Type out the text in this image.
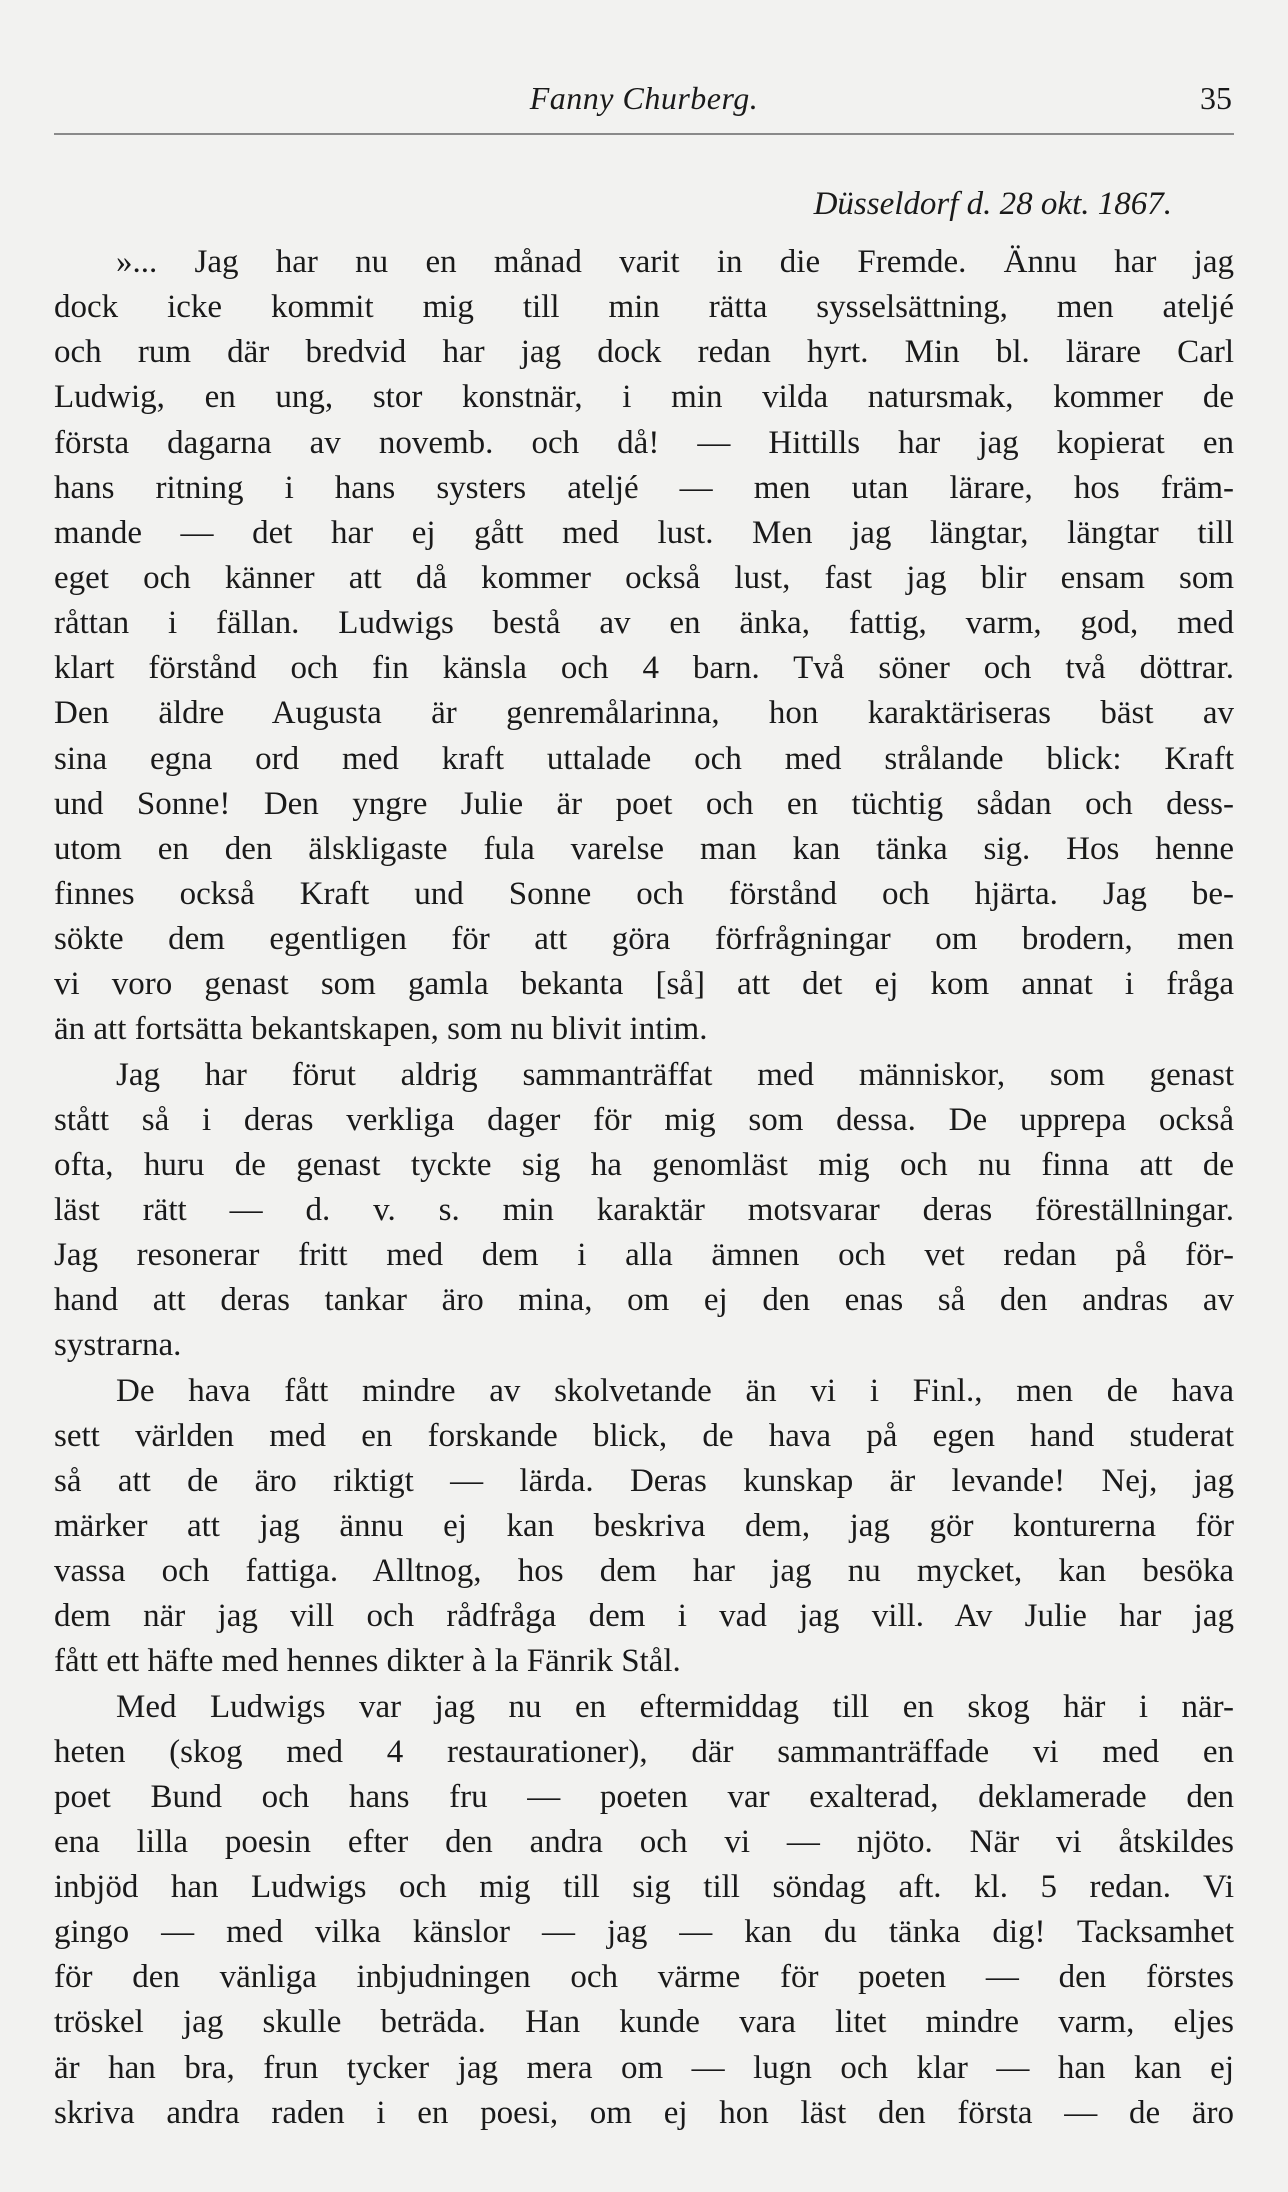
Fanny Churberg.	35
Düsseldorf d. 28 okt. 1867.
»... Jag har nu en månad varit in die Fremde. Ännu har jag
dock icke kommit mig till min rätta sysselsättning, men ateljé
och rum där bredvid har jag dock redan hyrt. Min bl. lärare Carl
Ludwig, en ung, stor konstnär, i min vilda natursmak, kommer de
första dagarna av novemb. och då! — Hittills har jag kopierat en
hans ritning i hans systers ateljé — men utan lärare, hos främ-
mande — det har ej gått med lust. Men jag längtar, längtar till
eget och känner att då kommer också lust, fast jag blir ensam som
råttan i fällan. Ludwigs bestå av en änka, fattig, varm, god, med
klart förstånd och fin känsla och 4 barn. Två söner och två döttrar.
Den äldre Augusta är genremålarinna, hon karaktäriseras bäst av
sina egna ord med kraft uttalade och med strålande blick: Kraft
und Sonne! Den yngre Julie är poet och en tüchtig sådan och dess-
utom en den älskligaste fula varelse man kan tänka sig. Hos henne
finnes också Kraft und Sonne och förstånd och hjärta. Jag be-
sökte dem egentligen för att göra förfrågningar om brodern, men
vi voro genast som gamla bekanta [så] att det ej kom annat i fråga
än att fortsätta bekantskapen, som nu blivit intim.
Jag har förut aldrig sammanträffat med människor, som genast
stått så i deras verkliga dager för mig som dessa. De upprepa också
ofta, huru de genast tyckte sig ha genomläst mig och nu finna att de
läst rätt — d. v. s. min karaktär motsvarar deras föreställningar.
Jag resonerar fritt med dem i alla ämnen och vet redan på för-
hand att deras tankar äro mina, om ej den enas så den andras av
systrarna.
De hava fått mindre av skolvetande än vi i Finl., men de hava
sett världen med en forskande blick, de hava på egen hand studerat
så att de äro riktigt — lärda. Deras kunskap är levande! Nej, jag
märker att jag ännu ej kan beskriva dem, jag gör konturerna för
vassa och fattiga. Alltnog, hos dem har jag nu mycket, kan besöka
dem när jag vill och rådfråga dem i vad jag vill. Av Julie har jag
fått ett häfte med hennes dikter à la Fänrik Stål.
Med Ludwigs var jag nu en eftermiddag till en skog här i när-
heten (skog med 4 restaurationer), där sammanträffade vi med en
poet Bund och hans fru — poeten var exalterad, deklamerade den
ena lilla poesin efter den andra och vi — njöto. När vi åtskildes
inbjöd han Ludwigs och mig till sig till söndag aft. kl. 5 redan. Vi
gingo — med vilka känslor — jag — kan du tänka dig! Tacksamhet
för den vänliga inbjudningen och värme för poeten — den förstes
tröskel jag skulle beträda. Han kunde vara litet mindre varm, eljes
är han bra, frun tycker jag mera om — lugn och klar — han kan ej
skriva andra raden i en poesi, om ej hon läst den första — de äro
